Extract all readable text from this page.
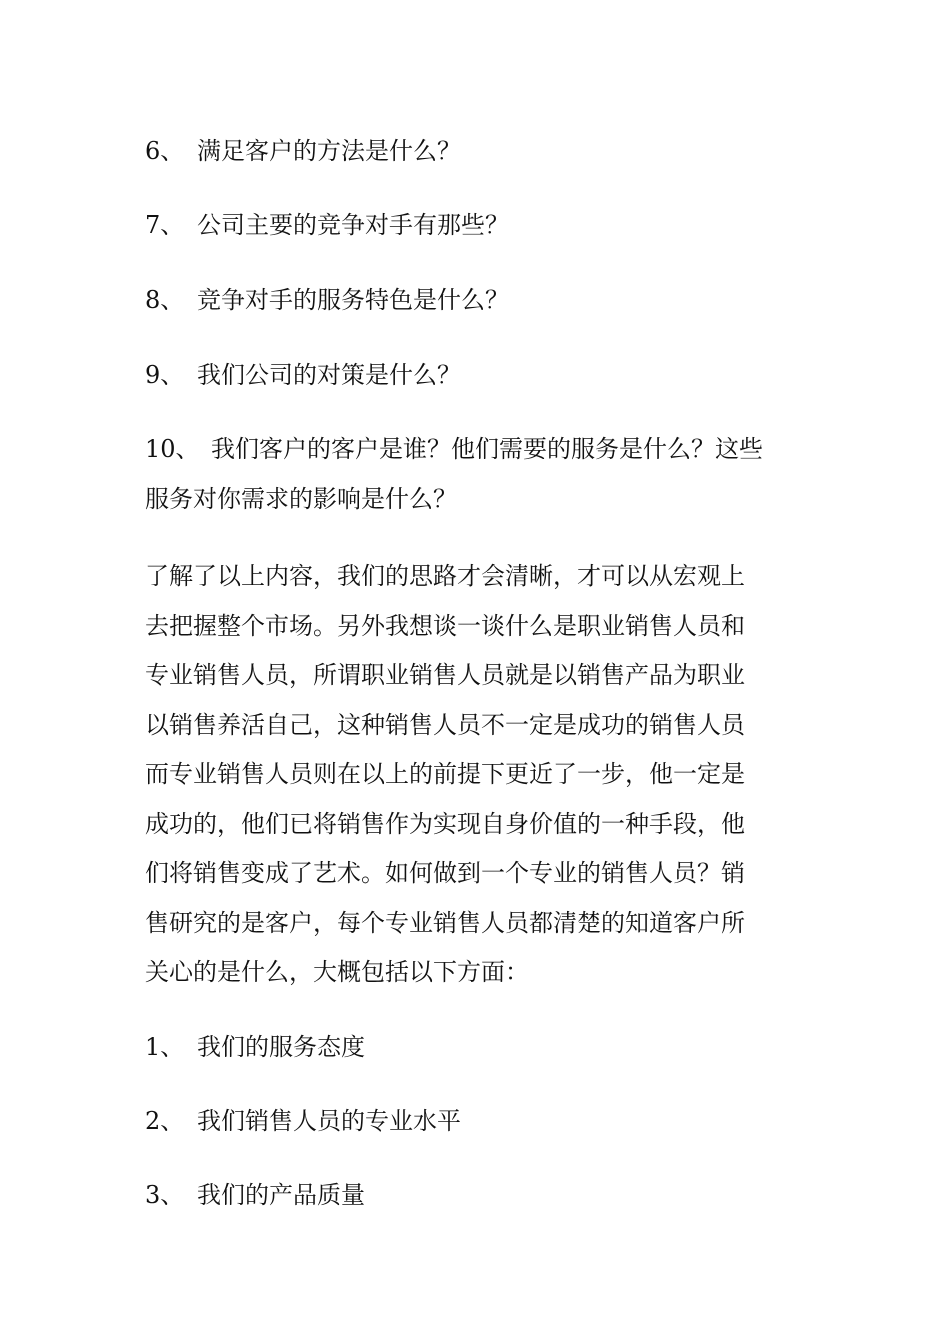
6、 满足客户的方法是什么？
7、 公司主要的竞争对手有那些？
8、 竞争对手的服务特色是什么？
9、 我们公司的对策是什么？
10、 我们客户的客户是谁？他们需要的服务是什么？这些
服务对你需求的影响是什么？
了解了以上内容，我们的思路才会清晰，才可以从宏观上
去把握整个市场。另外我想谈一谈什么是职业销售人员和
专业销售人员，所谓职业销售人员就是以销售产品为职业
以销售养活自己，这种销售人员不一定是成功的销售人员
而专业销售人员则在以上的前提下更近了一步，他一定是
成功的，他们已将销售作为实现自身价值的一种手段，他
们将销售变成了艺术。如何做到一个专业的销售人员？销
售研究的是客户，每个专业销售人员都清楚的知道客户所
关心的是什么，大概包括以下方面：
1、 我们的服务态度
2、 我们销售人员的专业水平
3、 我们的产品质量
